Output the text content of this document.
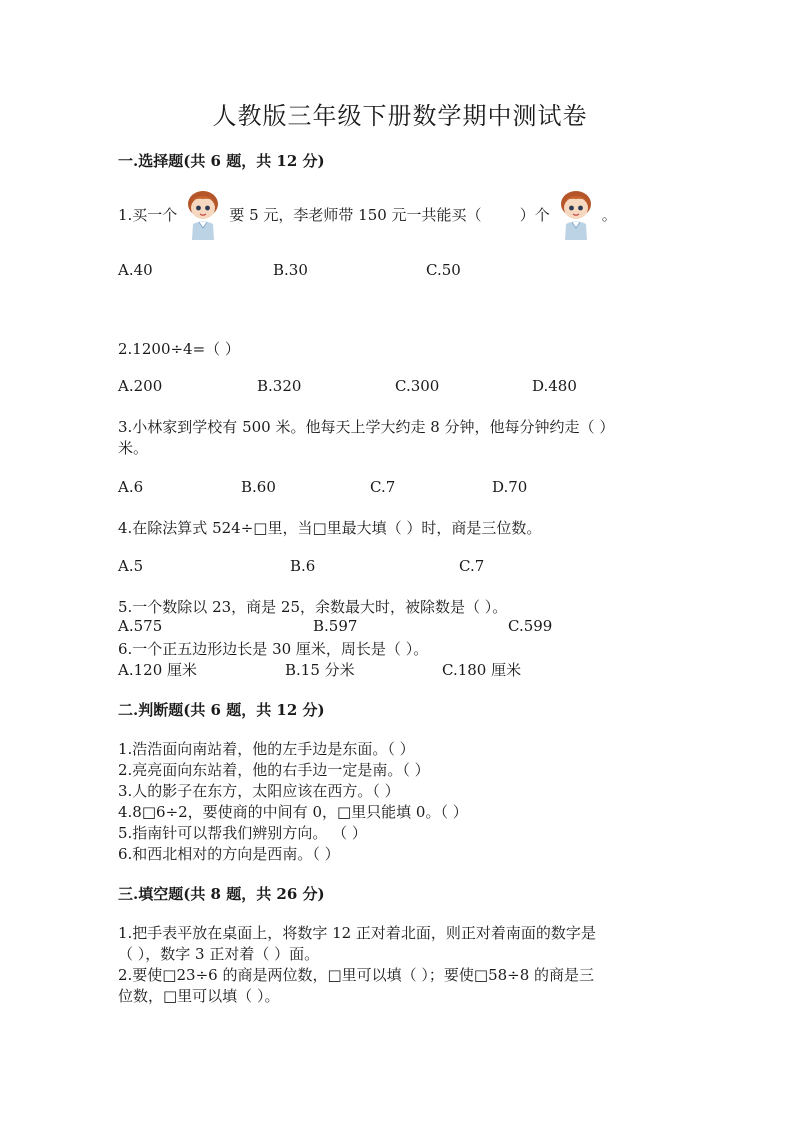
人教版三年级下册数学期中测试卷
一.选择题(共 6 题，共 12 分)
1.买一个	要 5 元，李老师带 150 元一共能买（        ）个	。
A.40	B.30	C.50
2.1200÷4=（ ）
A.200	B.320	C.300	D.480
3.小林家到学校有 500 米。他每天上学大约走 8 分钟，他每分钟约走（ ）
米。
A.6	B.60	C.7	D.70
4.在除法算式 524÷□里，当□里最大填（ ）时，商是三位数。
A.5	B.6	C.7
5.一个数除以 23，商是 25，余数最大时，被除数是（ ）。
A.575	B.597	C.599
6.一个正五边形边长是 30 厘米，周长是（ ）。
A.120 厘米	B.15 分米	C.180 厘米
二.判断题(共 6 题，共 12 分)
1.浩浩面向南站着，他的左手边是东面。（ ）
2.亮亮面向东站着，他的右手边一定是南。（ ）
3.人的影子在东方，太阳应该在西方。（ ）
4.8□6÷2，要使商的中间有 0，□里只能填 0。（ ）
5.指南针可以帮我们辨别方向。 （ ）
6.和西北相对的方向是西南。（ ）
三.填空题(共 8 题，共 26 分)
1.把手表平放在桌面上，将数字 12 正对着北面，则正对着南面的数字是
（ ），数字 3 正对着（ ）面。
2.要使□23÷6 的商是两位数，□里可以填（ ）；要使□58÷8 的商是三
位数，□里可以填（ ）。
